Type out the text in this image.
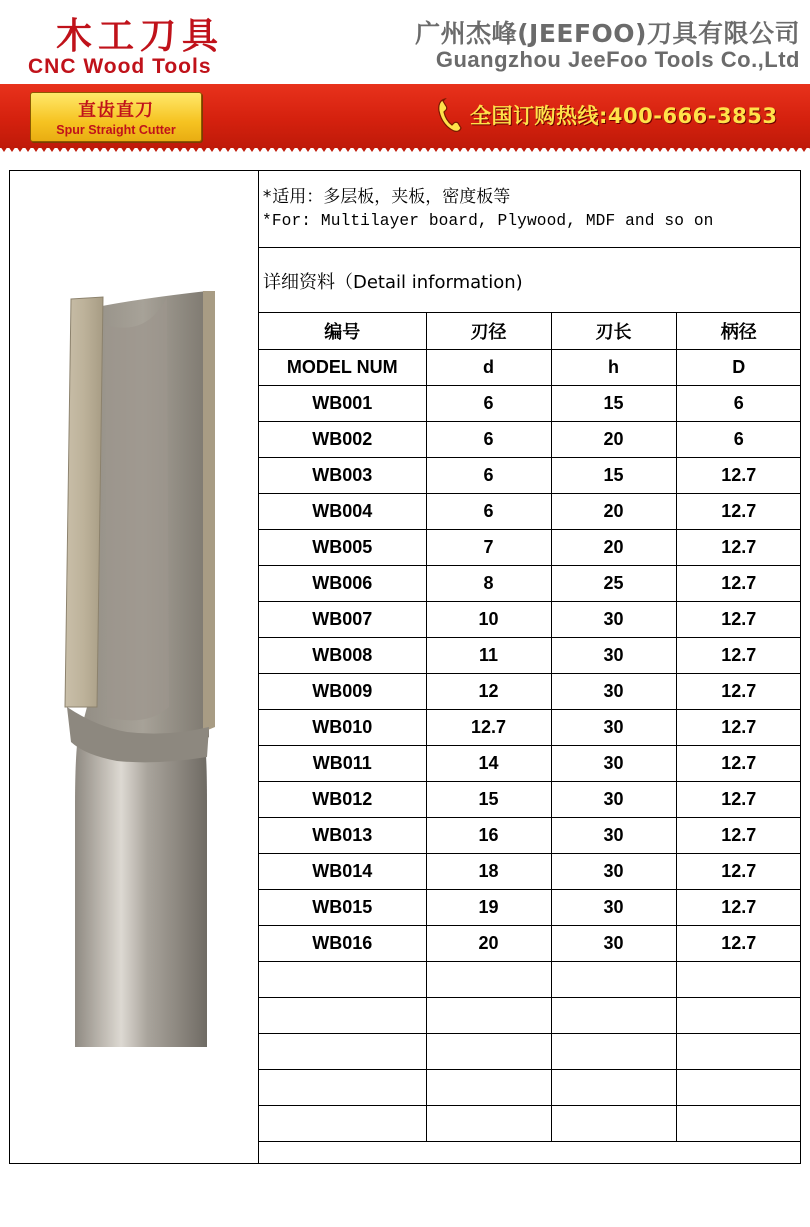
木工刀具
CNC Wood Tools
广州杰峰(JEEFOO)刀具有限公司
Guangzhou JeeFoo Tools Co.,Ltd
直齿直刀
Spur Straight Cutter
全国订购热线:400-666-3853
*适用：多层板，夹板，密度板等
*For: Multilayer board, Plywood, MDF and so on
详细资料（Detail information)
编号	刃径	刃长	柄径
MODEL NUM	d	h	D
WB001	6	15	6
WB002	6	20	6
WB003	6	15	12.7
WB004	6	20	12.7
WB005	7	20	12.7
WB006	8	25	12.7
WB007	10	30	12.7
WB008	11	30	12.7
WB009	12	30	12.7
WB010	12.7	30	12.7
WB011	14	30	12.7
WB012	15	30	12.7
WB013	16	30	12.7
WB014	18	30	12.7
WB015	19	30	12.7
WB016	20	30	12.7
